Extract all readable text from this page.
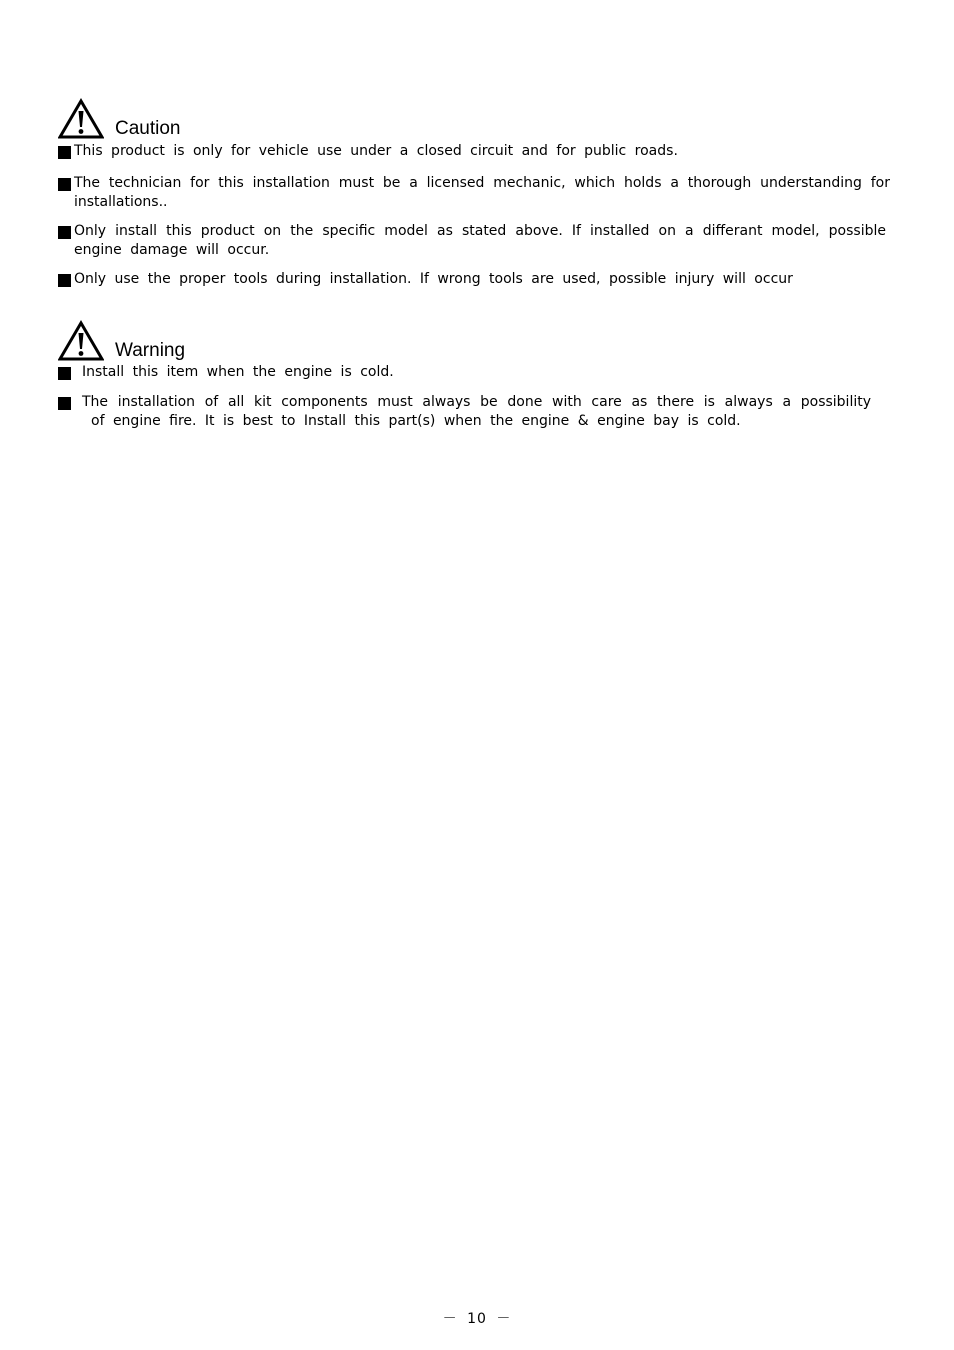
Caution
This product is only for vehicle use under a closed circuit and for public roads.
The technician for this installation must be a licensed mechanic, which holds a thorough understanding for installations..
Only install this product on the specific model as stated above. If installed on a differant model, possible engine damage will occur.
Only use the proper tools during installation. If wrong tools are used, possible injury will occur
Warning
Install this item when the engine is cold.
The installation of all kit components must always be done with care as there is always a possibility of engine fire. It is best to Install this part(s) when the engine & engine bay is cold.
－ 10 －
